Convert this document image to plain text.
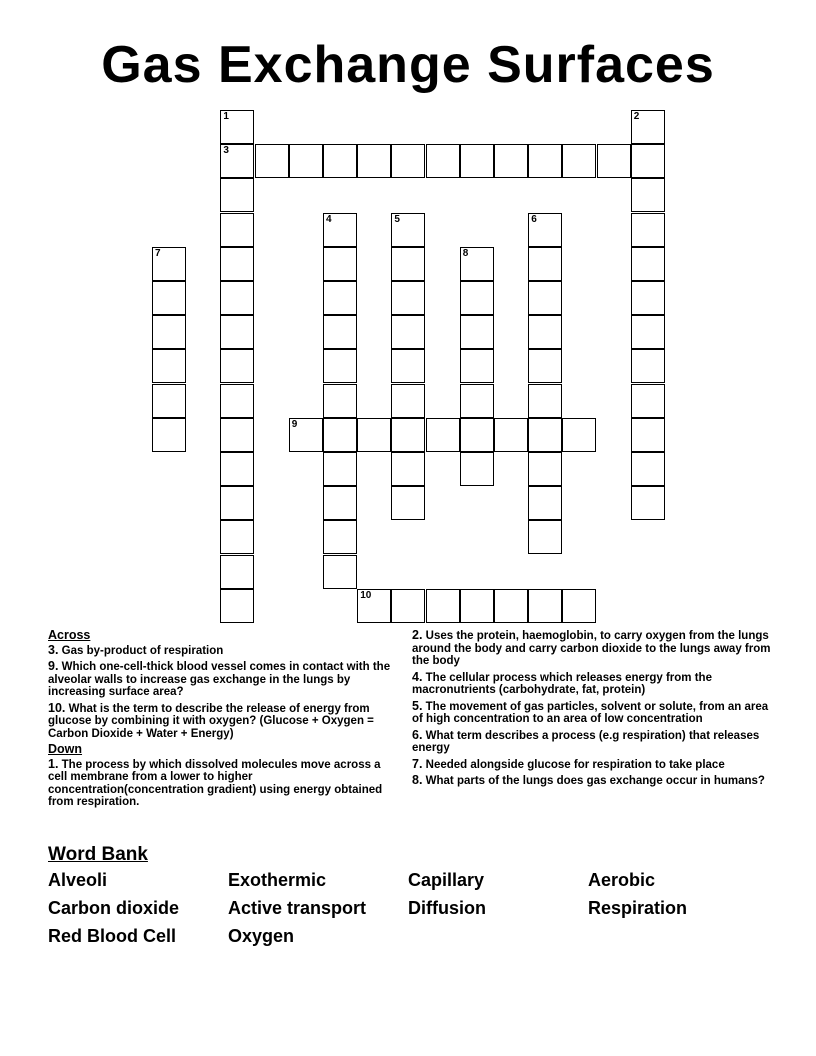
Gas Exchange Surfaces
1
3
2
4	5	6
7	8
9
10
Across
3. Gas by-product of respiration
9. Which one-cell-thick blood vessel comes in contact with the alveolar walls to increase gas exchange in the lungs by increasing surface area?
10. What is the term to describe the release of energy from glucose by combining it with oxygen? (Glucose + Oxygen = Carbon Dioxide + Water + Energy)
Down
1. The process by which dissolved molecules move across a cell membrane from a lower to higher concentration(concentration gradient) using energy obtained from respiration.
2. Uses the protein, haemoglobin, to carry oxygen from the lungs around the body and carry carbon dioxide to the lungs away from the body
4. The cellular process which releases energy from the macronutrients (carbohydrate, fat, protein)
5. The movement of gas particles, solvent or solute, from an area of high concentration to an area of low concentration
6. What term describes a process (e.g respiration) that releases energy
7. Needed alongside glucose for respiration to take place
8. What parts of the lungs does gas exchange occur in humans?
Word Bank
Alveoli	Exothermic	Capillary	Aerobic
Carbon dioxide	Active transport	Diffusion	Respiration
Red Blood Cell	Oxygen
